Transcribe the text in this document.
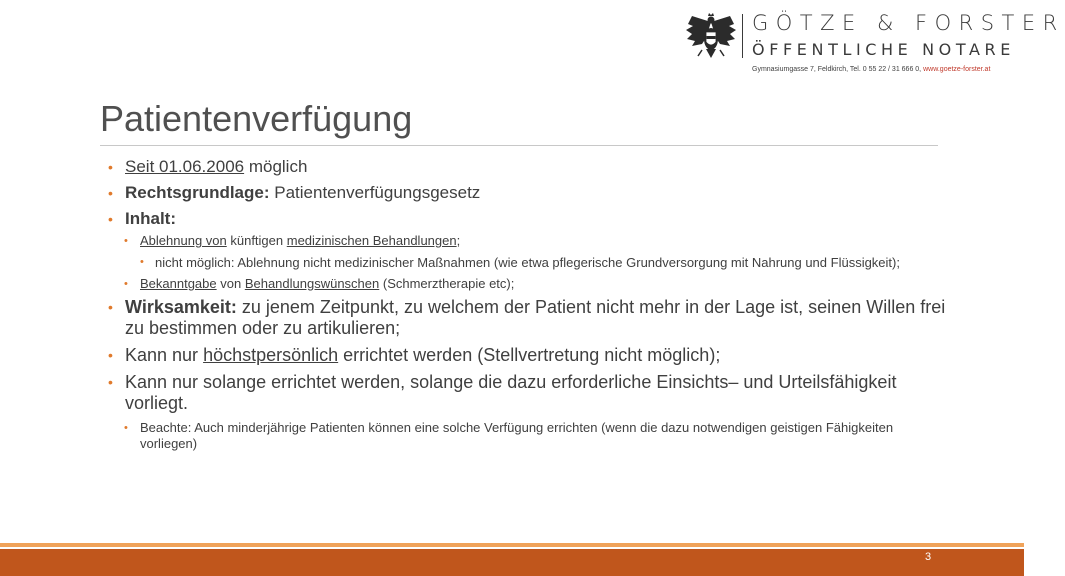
GÖTZE & FORSTER
ÖFFENTLICHE NOTARE
Gymnasiumgasse 7, Feldkirch, Tel. 0 55 22 / 31 666 0, www.goetze-forster.at
Patientenverfügung

• Seit 01.06.2006 möglich

• Rechtsgrundlage: Patientenverfügungsgesetz

• Inhalt:

• Ablehnung von künftigen medizinischen Behandlungen;

• nicht möglich: Ablehnung nicht medizinischer Maßnahmen (wie etwa pflegerische Grundversorgung mit Nahrung und Flüssigkeit);

• Bekanntgabe von Behandlungswünschen (Schmerztherapie etc);

• Wirksamkeit: zu jenem Zeitpunkt, zu welchem der Patient nicht mehr in der Lage ist, seinen Willen frei zu bestimmen oder zu artikulieren;

• Kann nur höchstpersönlich errichtet werden (Stellvertretung nicht möglich);

• Kann nur solange errichtet werden, solange die dazu erforderliche Einsichts– und Urteilsfähigkeit vorliegt.

• Beachte: Auch minderjährige Patienten können eine solche Verfügung errichten (wenn die dazu notwendigen geistigen Fähigkeiten vorliegen)

3
